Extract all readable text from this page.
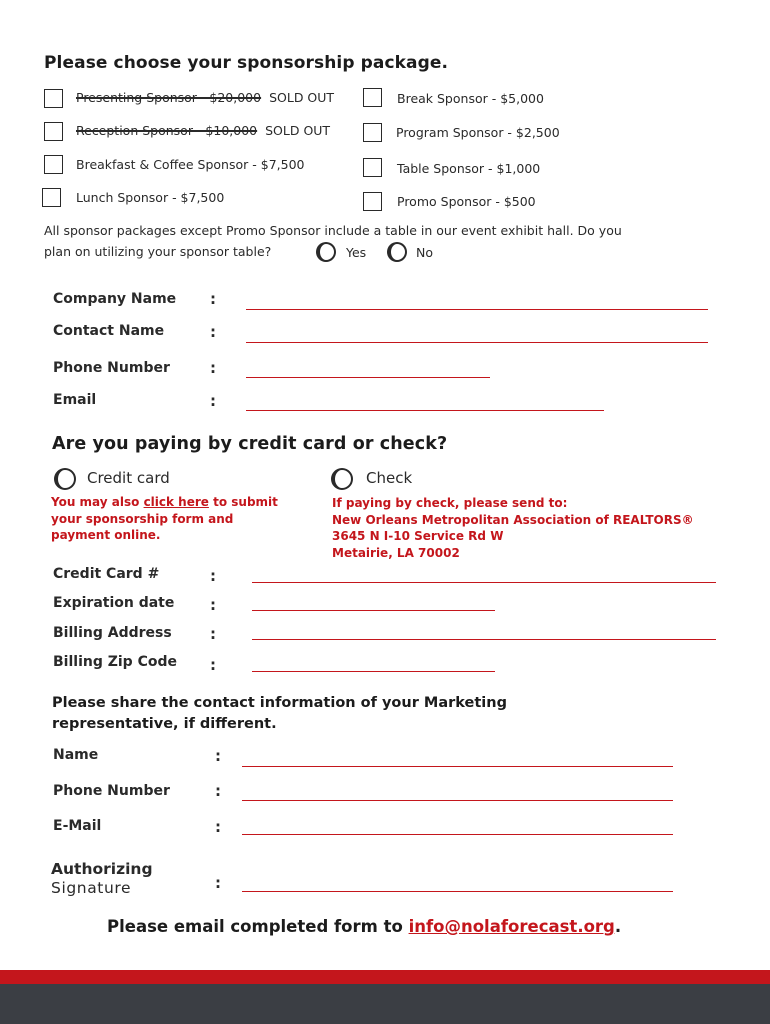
Please choose your sponsorship package.
Presenting Sponsor - $20,000 SOLD OUT
Reception Sponsor - $10,000 SOLD OUT
Breakfast & Coffee Sponsor - $7,500
Lunch Sponsor - $7,500
Break Sponsor - $5,000
Program Sponsor - $2,500
Table Sponsor - $1,000
Promo Sponsor - $500
All sponsor packages except Promo Sponsor include a table in our event exhibit hall. Do you
plan on utilizing your sponsor table?	Yes	No
Company Name :
Contact Name	:
Phone Number	:
Email	:
Are you paying by credit card or check?
Credit card	Check
You may also click here to submit
your sponsorship form and
payment online.
If paying by check, please send to:
New Orleans Metropolitan Association of REALTORS®
3645 N I-10 Service Rd W
Metairie, LA 70002
Credit Card #	:
Expiration date :
Billing Address	:
Billing Zip Code :
Please share the contact information of your Marketing
representative, if different.
Name	:
Phone Number	:
E-Mail	:
Authorizing
Signature	:
Please email completed form to info@nolaforecast.org.
